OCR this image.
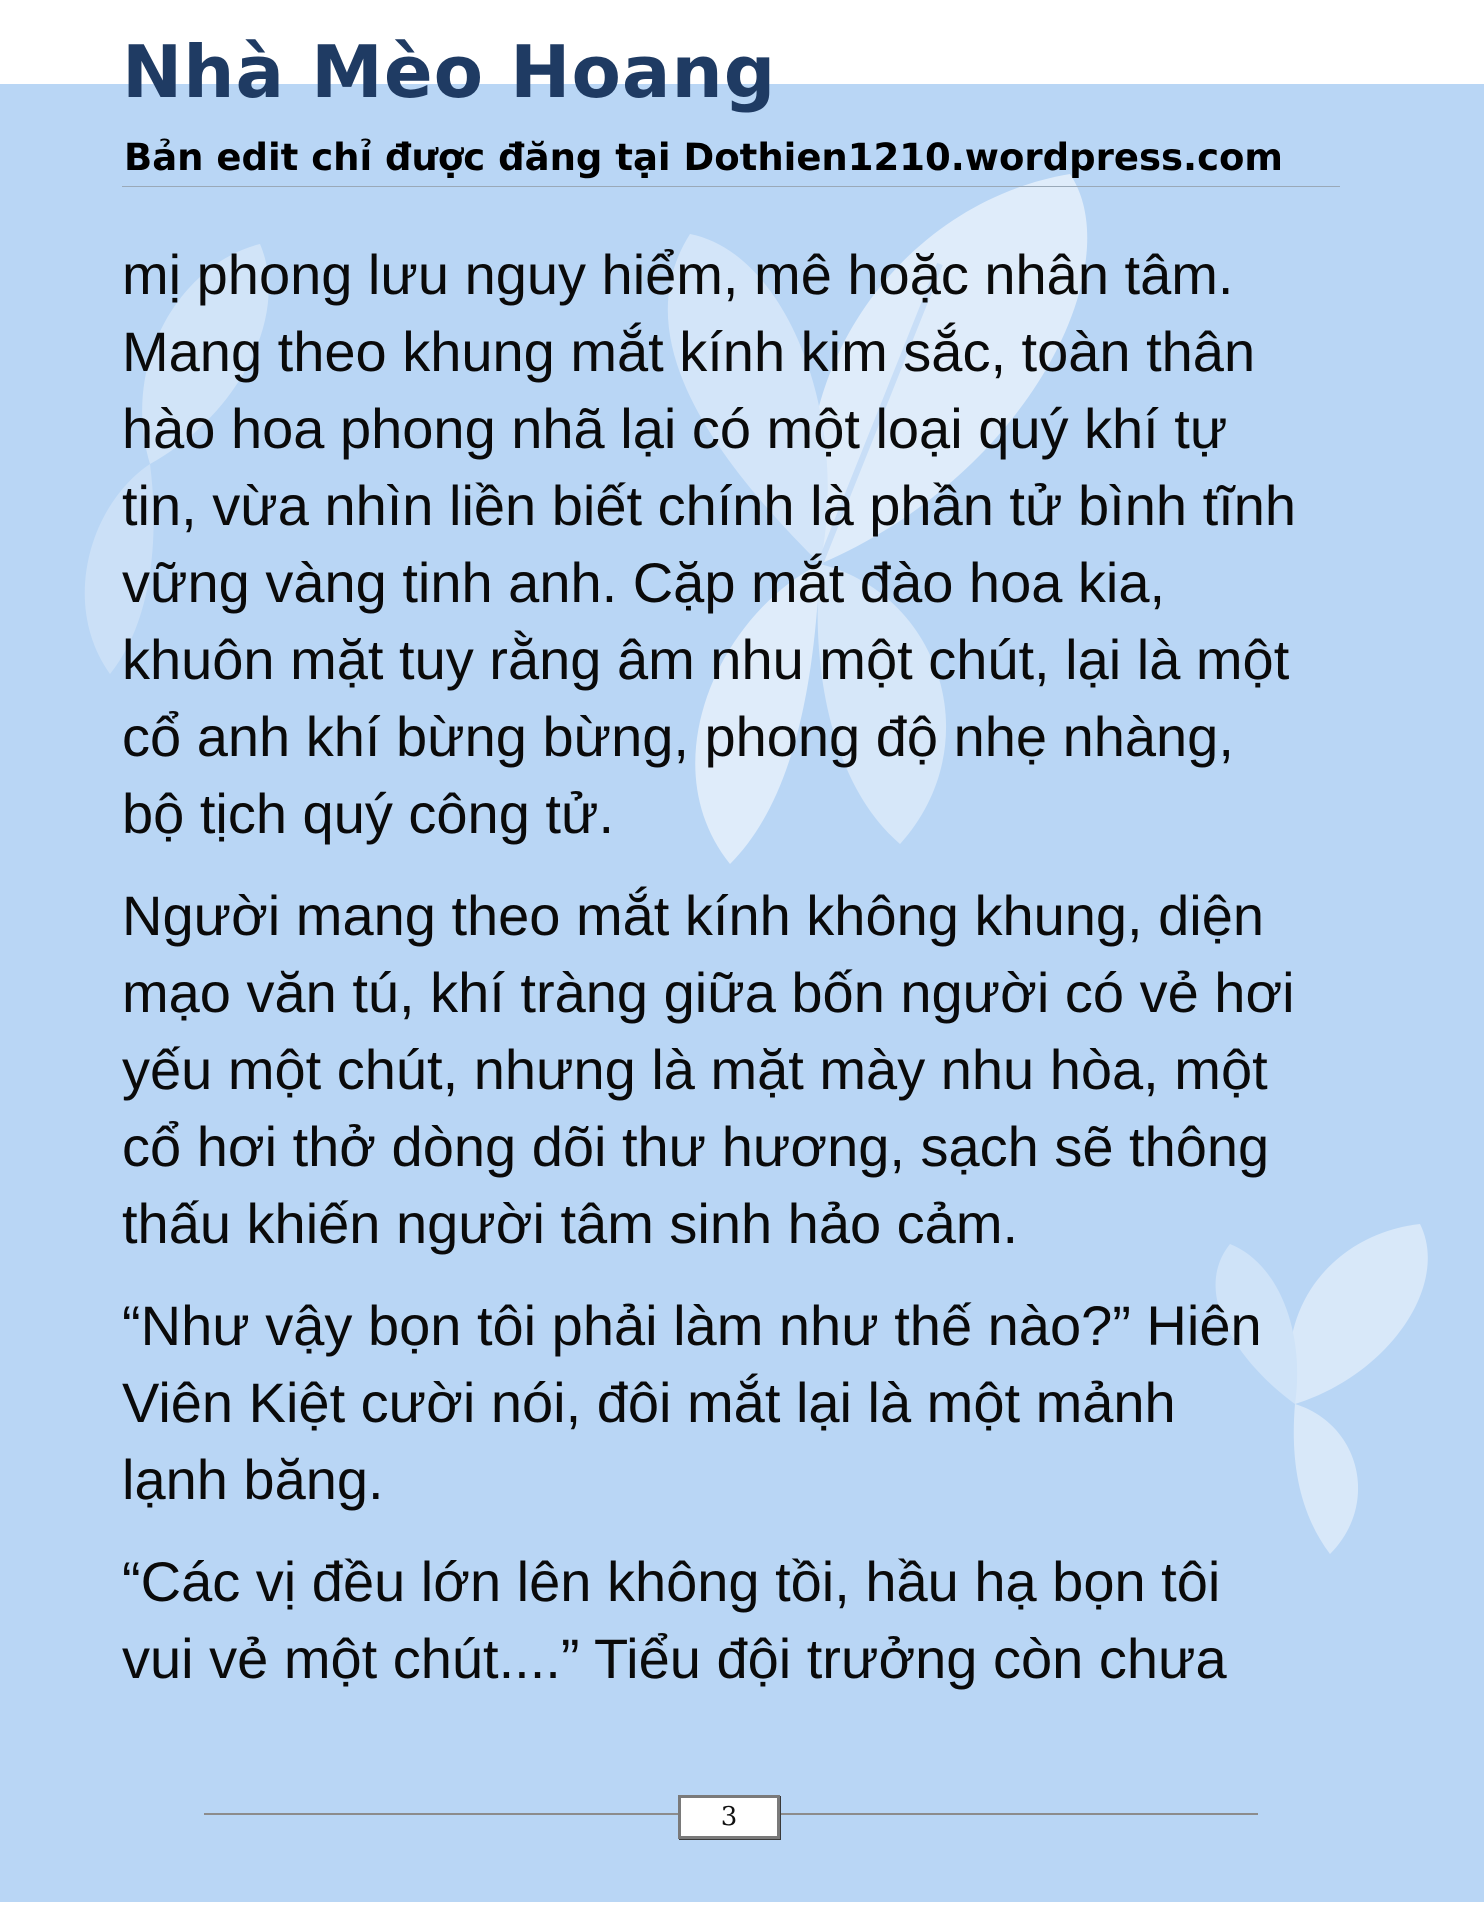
Nhà Mèo Hoang

Bản edit chỉ được đăng tại Dothien1210.wordpress.com

mị phong lưu nguy hiểm, mê hoặc nhân tâm.
Mang theo khung mắt kính kim sắc, toàn thân
hào hoa phong nhã lại có một loại quý khí tự
tin, vừa nhìn liền biết chính là phần tử bình tĩnh
vững vàng tinh anh. Cặp mắt đào hoa kia,
khuôn mặt tuy rằng âm nhu một chút, lại là một
cổ anh khí bừng bừng, phong độ nhẹ nhàng,
bộ tịch quý công tử.

Người mang theo mắt kính không khung, diện
mạo văn tú, khí tràng giữa bốn người có vẻ hơi
yếu một chút, nhưng là mặt mày nhu hòa, một
cổ hơi thở dòng dõi thư hương, sạch sẽ thông
thấu khiến người tâm sinh hảo cảm.

“Như vậy bọn tôi phải làm như thế nào?” Hiên
Viên Kiệt cười nói, đôi mắt lại là một mảnh
lạnh băng.

“Các vị đều lớn lên không tồi, hầu hạ bọn tôi
vui vẻ một chút....” Tiểu đội trưởng còn chưa

3
